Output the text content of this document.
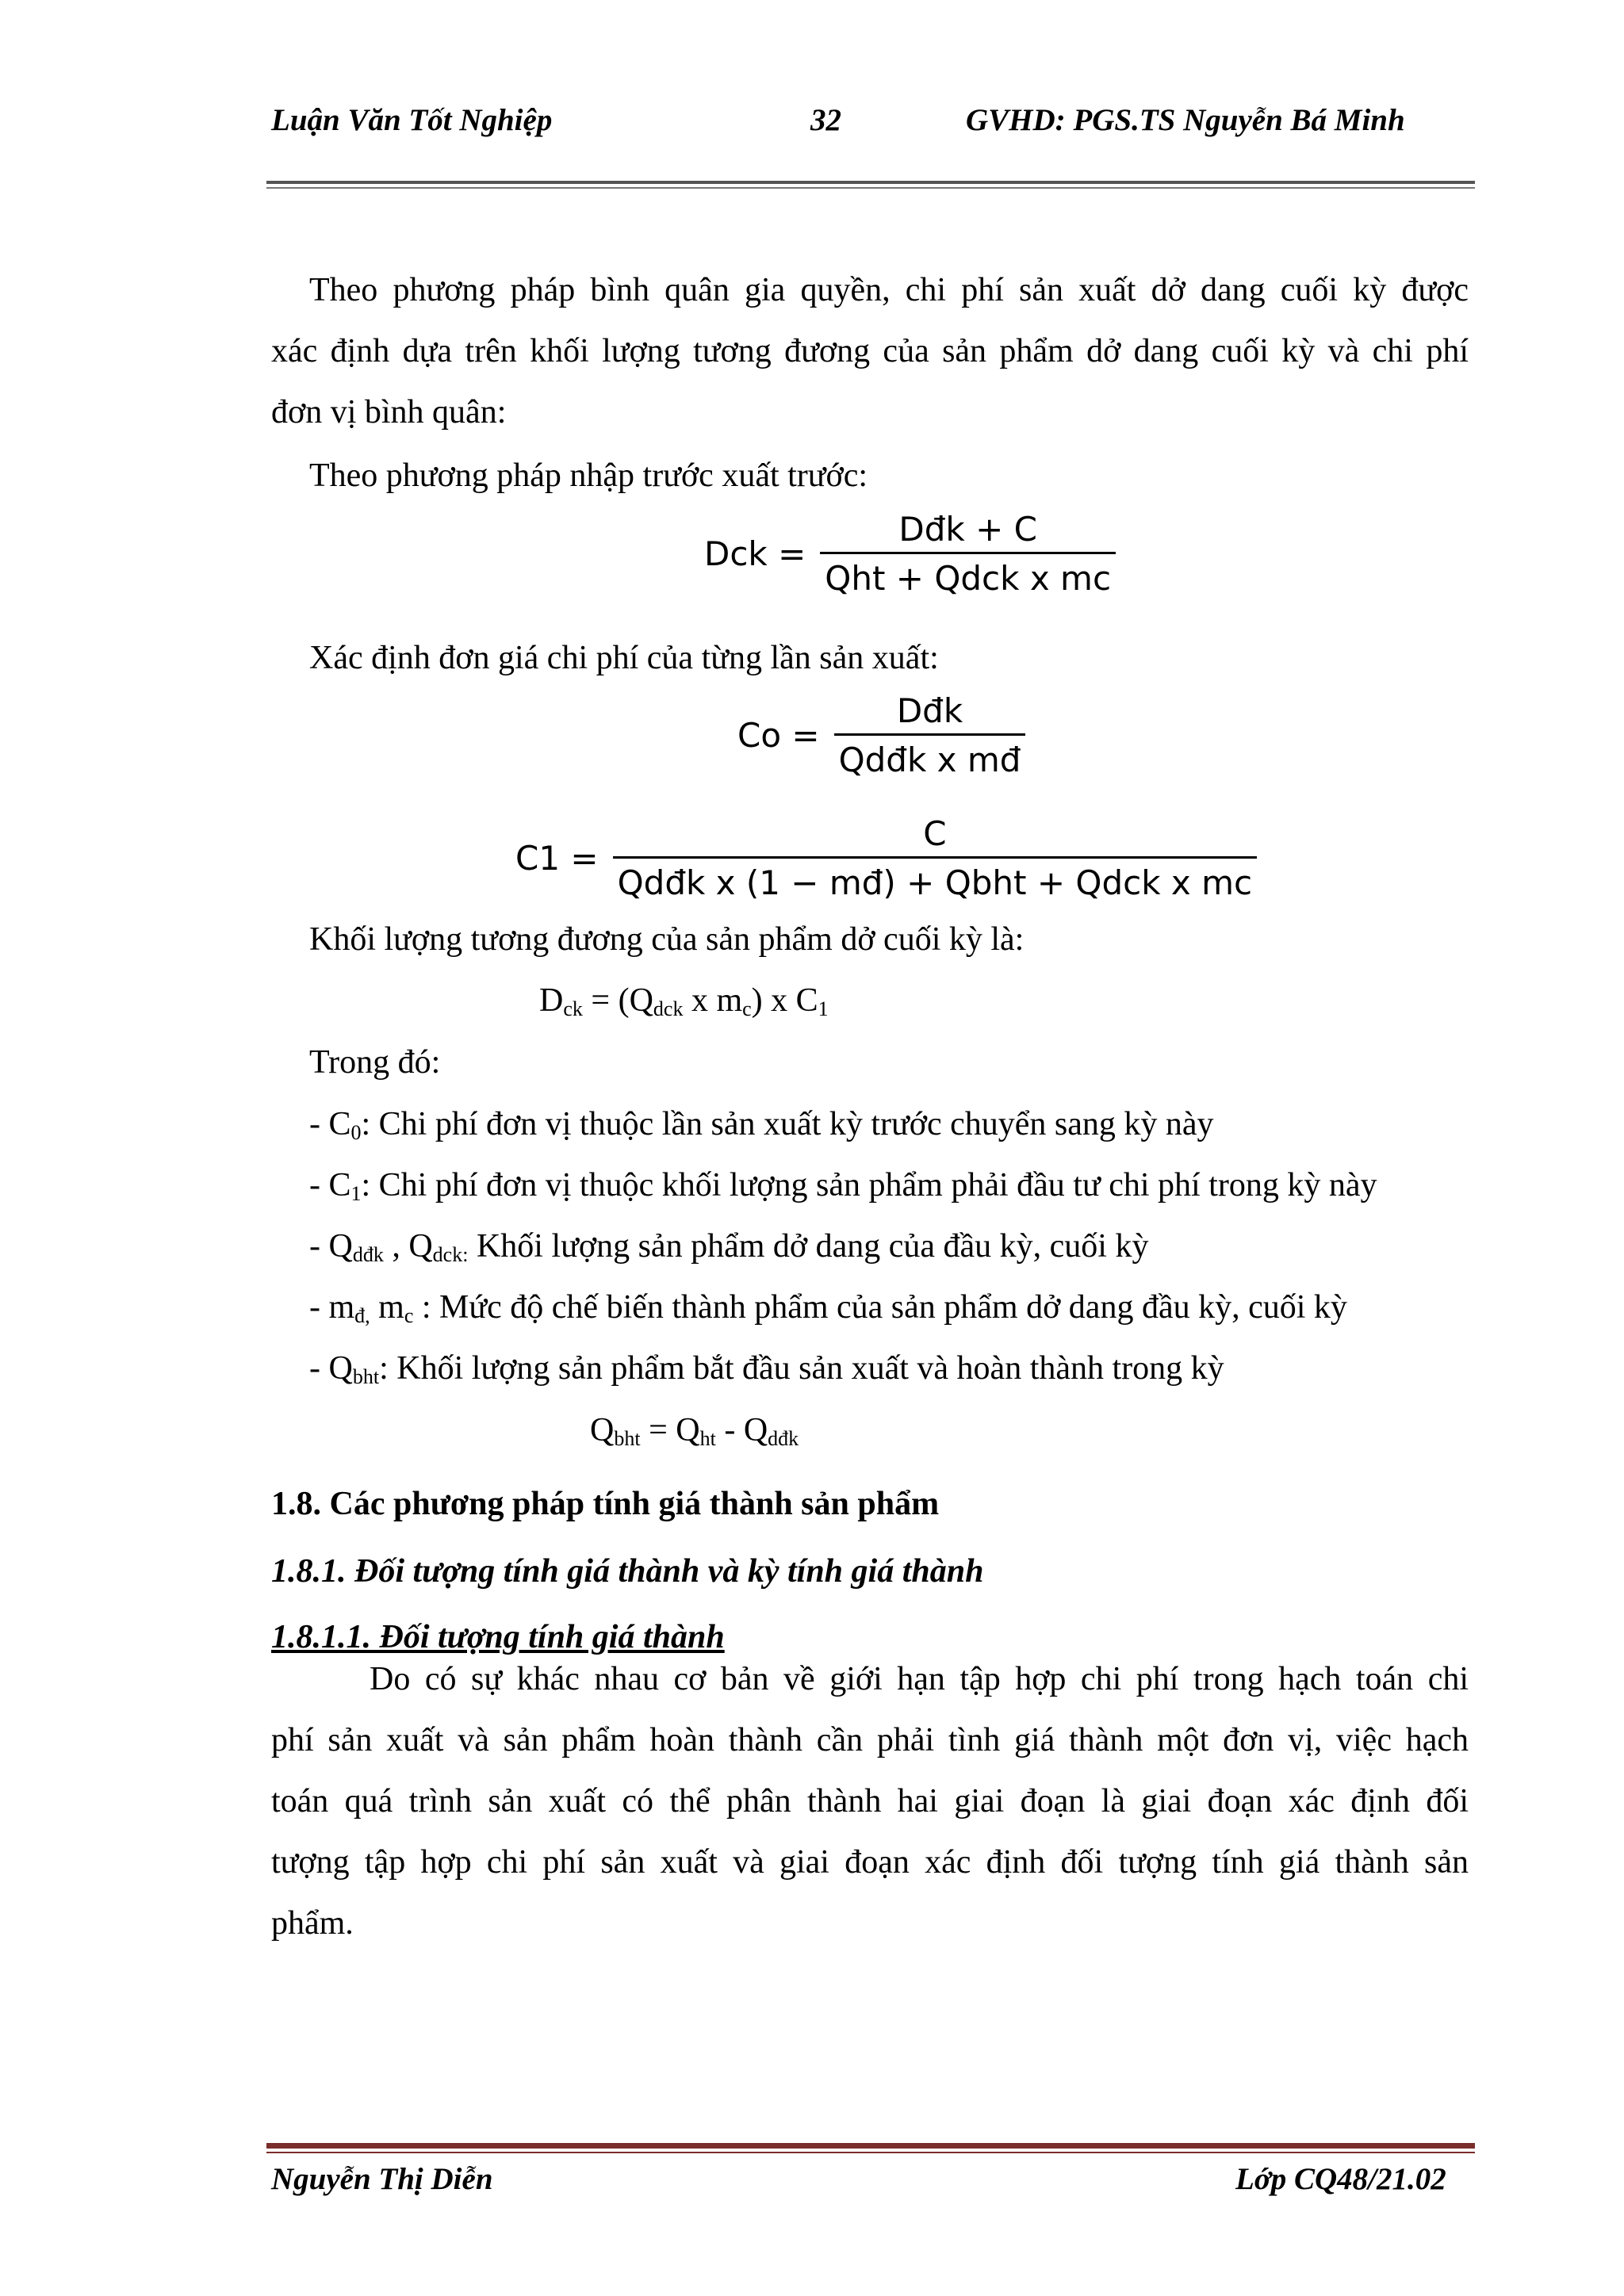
Luận Văn Tốt Nghiệp	32	GVHD: PGS.TS Nguyễn Bá Minh
Theo phương pháp bình quân gia quyền, chi phí sản xuất dở dang cuối kỳ được
xác định dựa trên khối lượng tương đương của sản phẩm dở dang cuối kỳ và chi phí
đơn vị bình quân:
Theo phương pháp nhập trước xuất trước:
Dck = $\frac{\text{Dđk + C}}{\text{Qht + Qdck x mc}}$
Xác định đơn giá chi phí của từng lần sản xuất:
$Co = \frac{\text{Dđk}}{\text{Qdđk x mđ}}$
$C1 = \frac{C}{\text{Qdđk x (1 − mđ) + Qbht + Qdck x mc}}$
Khối lượng tương đương của sản phẩm dở cuối kỳ là:
$D_{ck} = (Q_{dck}$ x $m_c$) x $C_1$
Trong đó:
- $C_0$: Chi phí đơn vị thuộc lần sản xuất kỳ trước chuyển sang kỳ này
- $C_1$: Chi phí đơn vị thuộc khối lượng sản phẩm phải đầu tư chi phí trong kỳ này
- $Q_{dđk}$ , $Q_{dck:}$ Khối lượng sản phẩm dở dang của đầu kỳ, cuối kỳ
- $m_{đ,}$ $m_c$ : Mức độ chế biến thành phẩm của sản phẩm dở dang đầu kỳ, cuối kỳ
- $Q_{bht}$: Khối lượng sản phẩm bắt đầu sản xuất và hoàn thành trong kỳ
$Q_{bht} = Q_{ht} - Q_{dđk}$
1.8. Các phương pháp tính giá thành sản phẩm
1.8.1. Đối tượng tính giá thành và kỳ tính giá thành
1.8.1.1. Đối tượng tính giá thành
Do có sự khác nhau cơ bản về giới hạn tập hợp chi phí trong hạch toán chi
phí sản xuất và sản phẩm hoàn thành cần phải tình giá thành một đơn vị, việc hạch
toán quá trình sản xuất có thể phân thành hai giai đoạn là giai đoạn xác định đối
tượng tập hợp chi phí sản xuất và giai đoạn xác định đối tượng tính giá thành sản
phẩm.
Nguyễn Thị Diễn	Lớp CQ48/21.02
